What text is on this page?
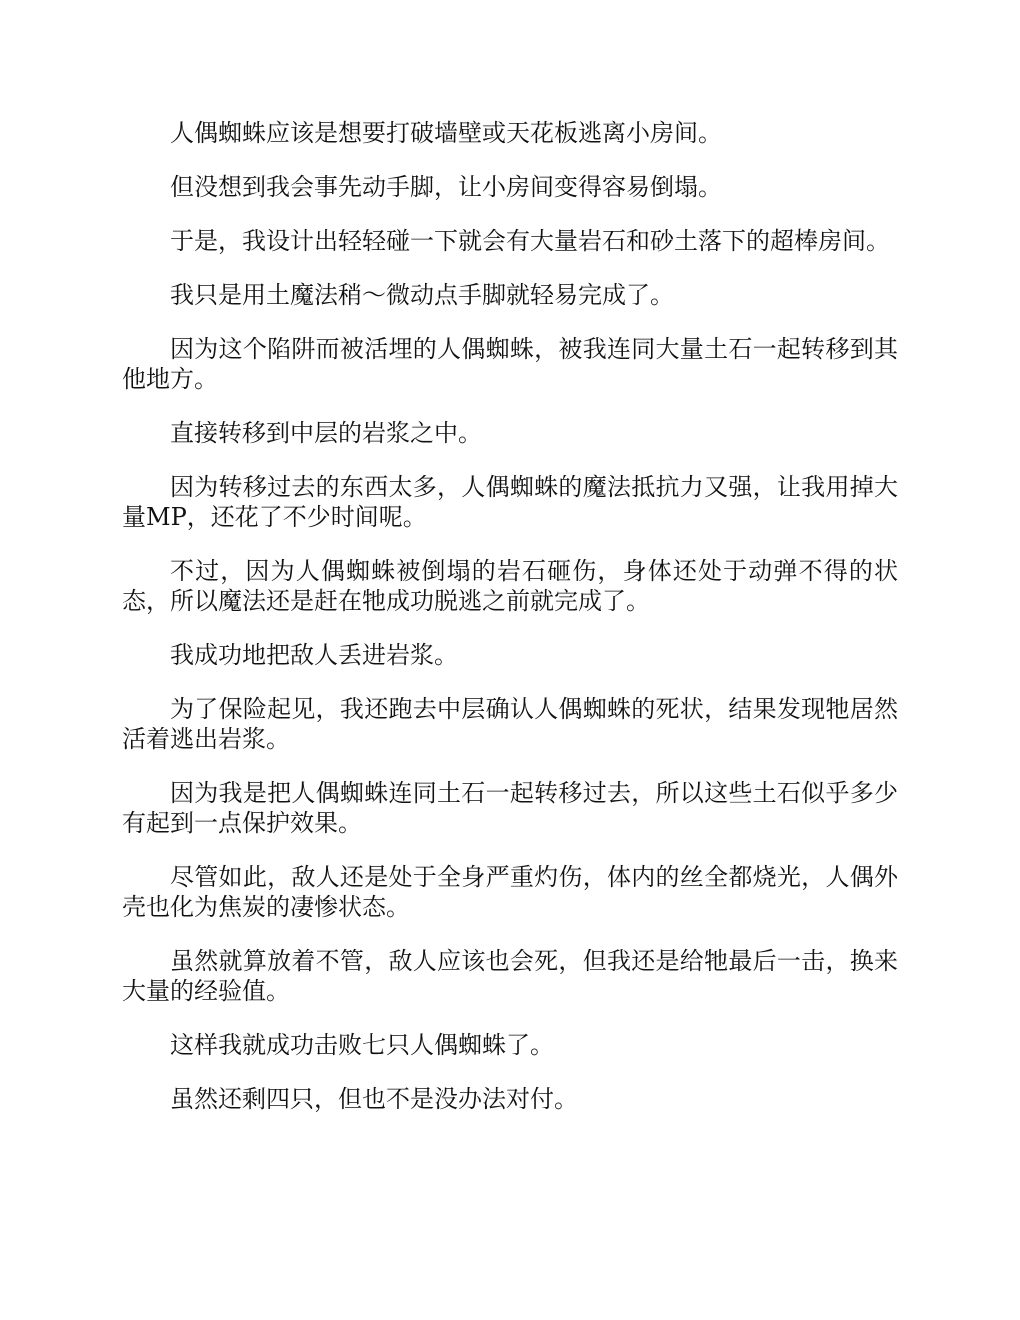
人偶蜘蛛应该是想要打破墙壁或天花板逃离小房间。

但没想到我会事先动手脚，让小房间变得容易倒塌。

于是，我设计出轻轻碰一下就会有大量岩石和砂土落下的超棒房间。

我只是用土魔法稍～微动点手脚就轻易完成了。

因为这个陷阱而被活埋的人偶蜘蛛，被我连同大量土石一起转移到其他地方。

直接转移到中层的岩浆之中。

因为转移过去的东西太多，人偶蜘蛛的魔法抵抗力又强，让我用掉大量MP，还花了不少时间呢。

不过，因为人偶蜘蛛被倒塌的岩石砸伤，身体还处于动弹不得的状态，所以魔法还是赶在牠成功脱逃之前就完成了。

我成功地把敌人丢进岩浆。

为了保险起见，我还跑去中层确认人偶蜘蛛的死状，结果发现牠居然活着逃出岩浆。

因为我是把人偶蜘蛛连同土石一起转移过去，所以这些土石似乎多少有起到一点保护效果。

尽管如此，敌人还是处于全身严重灼伤，体内的丝全都烧光，人偶外壳也化为焦炭的凄惨状态。

虽然就算放着不管，敌人应该也会死，但我还是给牠最后一击，换来大量的经验值。

这样我就成功击败七只人偶蜘蛛了。

虽然还剩四只，但也不是没办法对付。
